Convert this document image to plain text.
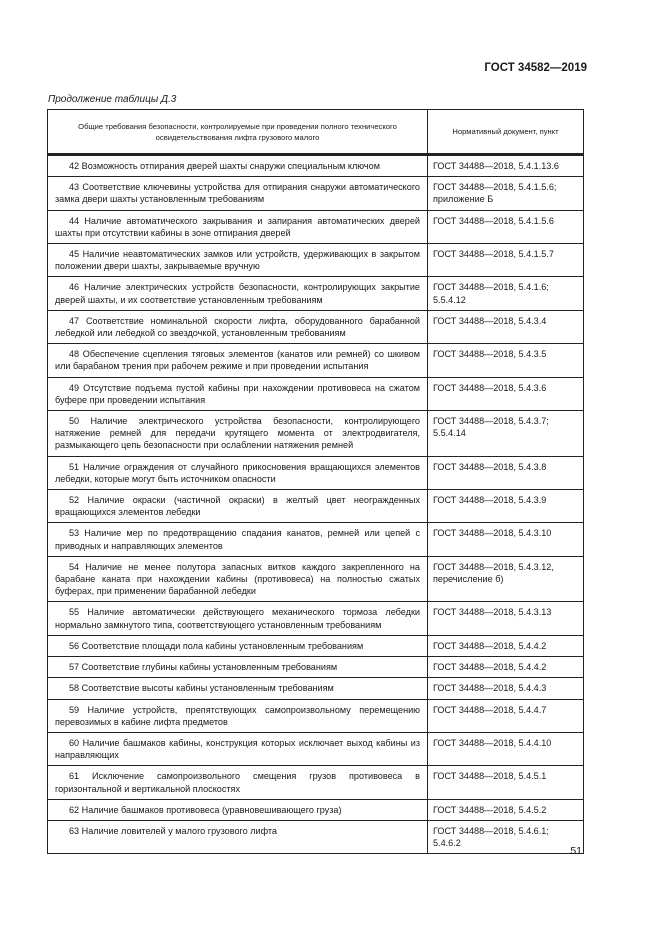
ГОСТ 34582—2019
Продолжение таблицы Д.3
Общие требования безопасности, контролируемые при проведении полного технического освидетельствования лифта грузового малого	Нормативный документ, пункт

42 Возможность отпирания дверей шахты снаружи специальным ключом	ГОСТ 34488—2018, 5.4.1.13.6
43 Соответствие ключевины устройства для отпирания снаружи автоматического замка двери шахты установленным требованиям	ГОСТ 34488—2018, 5.4.1.5.6; приложение Б
44 Наличие автоматического закрывания и запирания автоматических дверей шахты при отсутствии кабины в зоне отпирания дверей	ГОСТ 34488—2018, 5.4.1.5.6
45 Наличие неавтоматических замков или устройств, удерживающих в закрытом положении двери шахты, закрываемые вручную	ГОСТ 34488—2018, 5.4.1.5.7
46 Наличие электрических устройств безопасности, контролирующих закрытие дверей шахты, и их соответствие установленным требованиям	ГОСТ 34488—2018, 5.4.1.6; 5.5.4.12
47 Соответствие номинальной скорости лифта, оборудованного барабанной лебедкой или лебедкой со звездочкой, установленным требованиям	ГОСТ 34488—2018, 5.4.3.4
48 Обеспечение сцепления тяговых элементов (канатов или ремней) со шкивом или барабаном трения при рабочем режиме и при проведении испытания	ГОСТ 34488—2018, 5.4.3.5
49 Отсутствие подъема пустой кабины при нахождении противовеса на сжатом буфере при проведении испытания	ГОСТ 34488—2018, 5.4.3.6
50 Наличие электрического устройства безопасности, контролирующего натяжение ремней для передачи крутящего момента от электродвигателя, размыкающего цепь безопасности при ослаблении натяжения ремней	ГОСТ 34488—2018, 5.4.3.7; 5.5.4.14
51 Наличие ограждения от случайного прикосновения вращающихся элементов лебедки, которые могут быть источником опасности	ГОСТ 34488—2018, 5.4.3.8
52 Наличие окраски (частичной окраски) в желтый цвет неогражденных вращающихся элементов лебедки	ГОСТ 34488—2018, 5.4.3.9
53 Наличие мер по предотвращению спадания канатов, ремней или цепей с приводных и направляющих элементов	ГОСТ 34488—2018, 5.4.3.10
54 Наличие не менее полутора запасных витков каждого закрепленного на барабане каната при нахождении кабины (противовеса) на полностью сжатых буферах, при применении барабанной лебедки	ГОСТ 34488—2018, 5.4.3.12, перечисление б)
55 Наличие автоматически действующего механического тормоза лебедки нормально замкнутого типа, соответствующего установленным требованиям	ГОСТ 34488—2018, 5.4.3.13
56 Соответствие площади пола кабины установленным требованиям	ГОСТ 34488—2018, 5.4.4.2
57 Соответствие глубины кабины установленным требованиям	ГОСТ 34488—2018, 5.4.4.2
58 Соответствие высоты кабины установленным требованиям	ГОСТ 34488—2018, 5.4.4.3
59 Наличие устройств, препятствующих самопроизвольному перемещению перевозимых в кабине лифта предметов	ГОСТ 34488—2018, 5.4.4.7
60 Наличие башмаков кабины, конструкция которых исключает выход кабины из направляющих	ГОСТ 34488—2018, 5.4.4.10
61 Исключение самопроизвольного смещения грузов противовеса в горизонтальной и вертикальной плоскостях	ГОСТ 34488—2018, 5.4.5.1
62 Наличие башмаков противовеса (уравновешивающего груза)	ГОСТ 34488—2018, 5.4.5.2
63 Наличие ловителей у малого грузового лифта	ГОСТ 34488—2018, 5.4.6.1; 5.4.6.2
51
